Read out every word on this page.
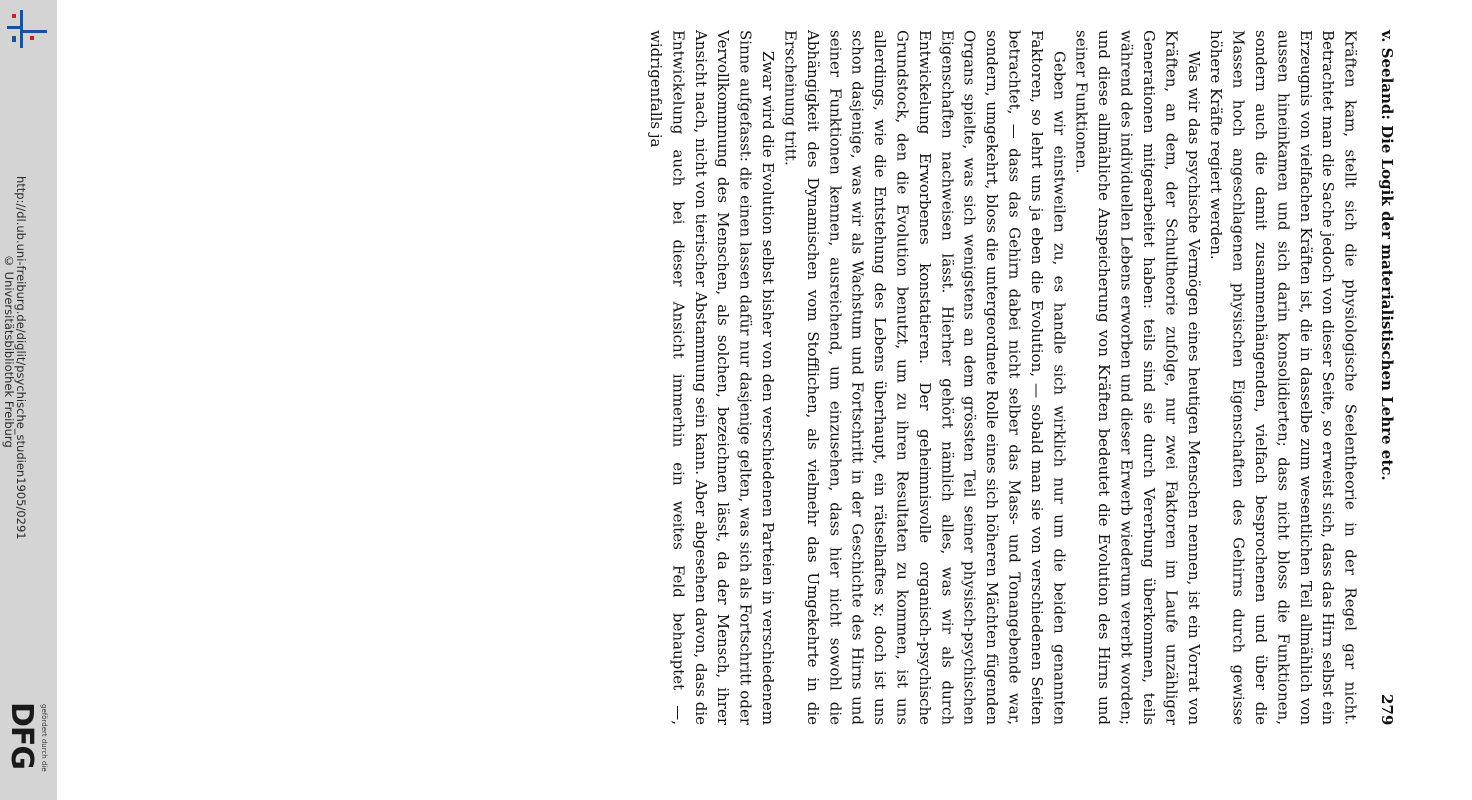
http://dl.ub.uni-freiburg.de/diglit/psychische_studien1905/0291
© Universitätsbibliothek Freiburg
DFG gefördert durch die
v. Seeland: Die Logik der materialistischen Lehre etc.
279

Kräften kam, stellt sich die physiologische Seelentheorie in der Regel gar nicht. Betrachtet man die Sache jedoch von dieser Seite, so erweist sich, dass das Hirn selbst ein Erzeugnis von vielfachen Kräften ist, die in dasselbe zum wesentlichen Teil allmählich von aussen hineinkamen und sich darin konsolidierten; dass nicht bloss die Funktionen, sondern auch die damit zusammenhängenden, vielfach besprochenen und über die Massen hoch angeschlagenen physischen Eigenschaften des Gehirns durch gewisse höhere Kräfte regiert werden.

Was wir das psychische Vermögen eines heutigen Menschen nennen, ist ein Vorrat von Kräften, an dem, der Schultheorie zufolge, nur zwei Faktoren im Laufe unzähliger Generationen mitgearbeitet haben: teils sind sie durch Vererbung überkommen, teils während des individuellen Lebens erworben und dieser Erwerb wiederum vererbt worden; und diese allmähliche Anspeicherung von Kräften bedeutet die Evolution des Hirns und seiner Funktionen.

Geben wir einstweilen zu, es handle sich wirklich nur um die beiden genannten Faktoren, so lehrt uns ja eben die Evolution, — sobald man sie von verschiedenen Seiten betrachtet, — dass das Gehirn dabei nicht selber das Mass- und Tonangebende war, sondern, umgekehrt, bloss die untergeordnete Rolle eines sich höheren Mächten fügenden Organs spielte, was sich wenigstens an dem grössten Teil seiner physisch-psychischen Eigenschaften nachweisen lässt. Hierher gehört nämlich alles, was wir als durch Entwickelung Erworbenes konstatieren. Der geheimnisvolle organisch-psychische Grundstock, den die Evolution benutzt, um zu ihren Resultaten zu kommen, ist uns allerdings, wie die Entstehung des Lebens überhaupt, ein rätselhaftes x; doch ist uns schon dasjenige, was wir als Wachstum und Fortschritt in der Geschichte des Hirns und seiner Funktionen kennen, ausreichend, um einzusehen, dass hier nicht sowohl die Abhängigkeit des Dynamischen vom Stofflichen, als vielmehr das Umgekehrte in die Erscheinung tritt.

Zwar wird die Evolution selbst bisher von den verschiedenen Parteien in verschiedenem Sinne aufgefasst: die einen lassen dafür nur dasjenige gelten, was sich als Fortschritt oder Vervollkommnung des Menschen, als solchen, bezeichnen lässt, da der Mensch, ihrer Ansicht nach, nicht von tierischer Abstammung sein kann. Aber abgesehen davon, dass die Entwickelung auch bei dieser Ansicht immerhin ein weites Feld behauptet —, widrigenfalls ja
